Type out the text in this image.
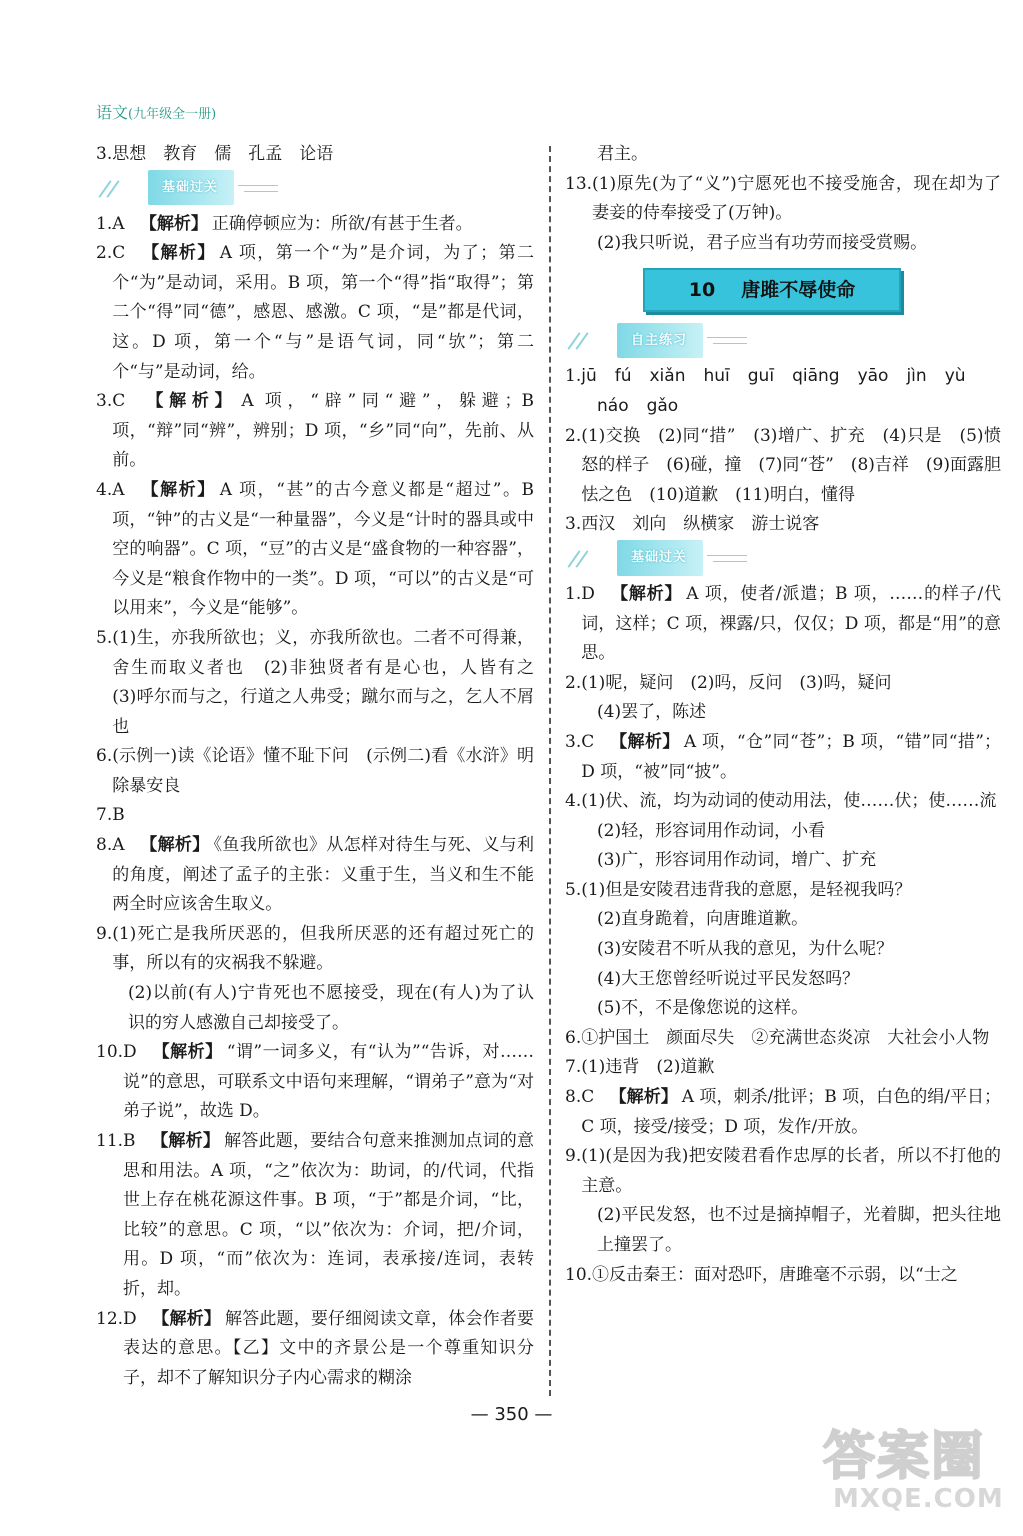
语文(九年级全一册)
3. 思想　教育　儒　孔孟　论语
基础过关
1. A 【解析】 正确停顿应为：所欲/有甚于生者。
2. C 【解析】 A 项，第一个“为”是介词，为了；第二个“为”是动词，采用。B 项，第一个“得”指“取得”；第二个“得”同“德”，感恩、感激。C 项，“是”都是代词，这。D 项，第一个“与”是语气词，同“欤”；第二个“与”是动词，给。
3. C 【解析】 A 项，“辟”同“避”，躲避；B 项，“辩”同“辨”，辨别；D 项，“乡”同“向”，先前、从前。
4. A 【解析】 A 项，“甚”的古今意义都是“超过”。B 项，“钟”的古义是“一种量器”，今义是“计时的器具或中空的响器”。C 项，“豆”的古义是“盛食物的一种容器”，今义是“粮食作物中的一类”。D 项，“可以”的古义是“可以用来”，今义是“能够”。
5. (1)生，亦我所欲也；义，亦我所欲也。二者不可得兼，舍生而取义者也　(2)非独贤者有是心也，人皆有之　(3)呼尔而与之，行道之人弗受；蹴尔而与之，乞人不屑也
6. (示例一)读《论语》懂不耻下问　(示例二)看《水浒》明除暴安良
7. B
8. A 【解析】 《鱼我所欲也》从怎样对待生与死、义与利的角度，阐述了孟子的主张：义重于生，当义和生不能两全时应该舍生取义。
9. (1)死亡是我所厌恶的，但我所厌恶的还有超过死亡的事，所以有的灾祸我不躲避。
(2)以前(有人)宁肯死也不愿接受，现在(有人)为了认识的穷人感激自己却接受了。
10. D 【解析】 “谓”一词多义，有“认为”“告诉，对……说”的意思，可联系文中语句来理解，“谓弟子”意为“对弟子说”，故选 D。
11. B 【解析】 解答此题，要结合句意来推测加点词的意思和用法。A 项，“之”依次为：助词，的/代词，代指世上存在桃花源这件事。B 项，“于”都是介词，“比，比较”的意思。C 项，“以”依次为：介词，把/介词，用。D 项，“而”依次为：连词，表承接/连词，表转折，却。
12. D 【解析】 解答此题，要仔细阅读文章，体会作者要表达的意思。【乙】文中的齐景公是一个尊重知识分子，却不了解知识分子内心需求的糊涂
君主。
13. (1)原先(为了“义”)宁愿死也不接受施舍，现在却为了妻妾的侍奉接受了(万钟)。
(2)我只听说，君子应当有功劳而接受赏赐。
10 唐雎不辱使命
自主练习
1. jū fú xiǎn huī guī qiāng yāo jìn yù
náo gǎo
2. (1)交换　(2)同“措”　(3)增广、扩充　(4)只是　(5)愤怒的样子　(6)碰，撞　(7)同“苍”　(8)吉祥　(9)面露胆怯之色　(10)道歉　(11)明白，懂得
3. 西汉　刘向　纵横家　游士说客
基础过关
1. D 【解析】 A 项，使者/派遣；B 项，……的样子/代词，这样；C 项，裸露/只，仅仅；D 项，都是“用”的意思。
2. (1)呢，疑问　(2)吗，反问　(3)吗，疑问
(4)罢了，陈述
3. C 【解析】 A 项，“仓”同“苍”；B 项，“错”同“措”；D 项，“被”同“披”。
4. (1)伏、流，均为动词的使动用法，使……伏；使……流
(2)轻，形容词用作动词，小看
(3)广，形容词用作动词，增广、扩充
5. (1)但是安陵君违背我的意愿，是轻视我吗？
(2)直身跪着，向唐雎道歉。
(3)安陵君不听从我的意见，为什么呢？
(4)大王您曾经听说过平民发怒吗？
(5)不，不是像您说的这样。
6. ①护国土　颜面尽失　②充满世态炎凉　大社会小人物
7. (1)违背　(2)道歉
8. C 【解析】 A 项，刺杀/批评；B 项，白色的绢/平日；C 项，接受/接受；D 项，发作/开放。
9. (1)(是因为我)把安陵君看作忠厚的长者，所以不打他的主意。
(2)平民发怒，也不过是摘掉帽子，光着脚，把头往地上撞罢了。
10. ①反击秦王：面对恐吓，唐雎毫不示弱，以“士之
— 350 —
答案圈
MXQE.COM
